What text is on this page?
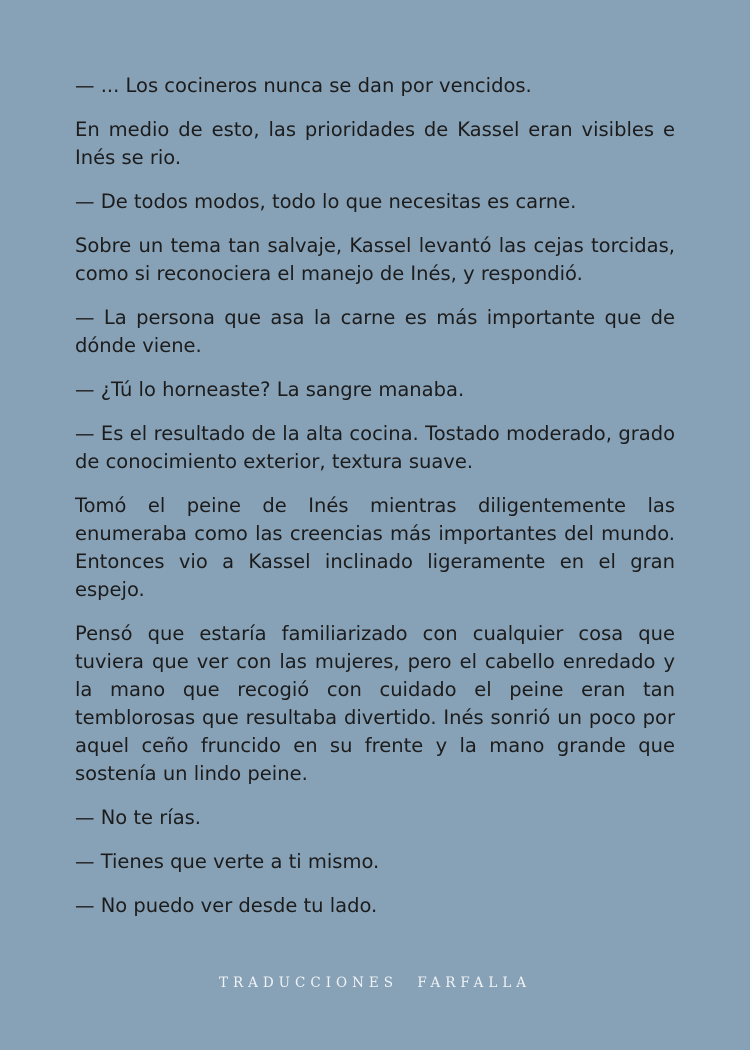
— ... Los cocineros nunca se dan por vencidos.

En medio de esto, las prioridades de Kassel eran visibles e Inés se rio.

— De todos modos, todo lo que necesitas es carne.

Sobre un tema tan salvaje, Kassel levantó las cejas torcidas, como si reconociera el manejo de Inés, y respondió.

— La persona que asa la carne es más importante que de dónde viene.

— ¿Tú lo horneaste? La sangre manaba.

— Es el resultado de la alta cocina. Tostado moderado, grado de conocimiento exterior, textura suave.

Tomó el peine de Inés mientras diligentemente las enumeraba como las creencias más importantes del mundo. Entonces vio a Kassel inclinado ligeramente en el gran espejo.

Pensó que estaría familiarizado con cualquier cosa que tuviera que ver con las mujeres, pero el cabello enredado y la mano que recogió con cuidado el peine eran tan temblorosas que resultaba divertido. Inés sonrió un poco por aquel ceño fruncido en su frente y la mano grande que sostenía un lindo peine.

— No te rías.

— Tienes que verte a ti mismo.

— No puedo ver desde tu lado.

TRADUCCIONES FARFALLA
